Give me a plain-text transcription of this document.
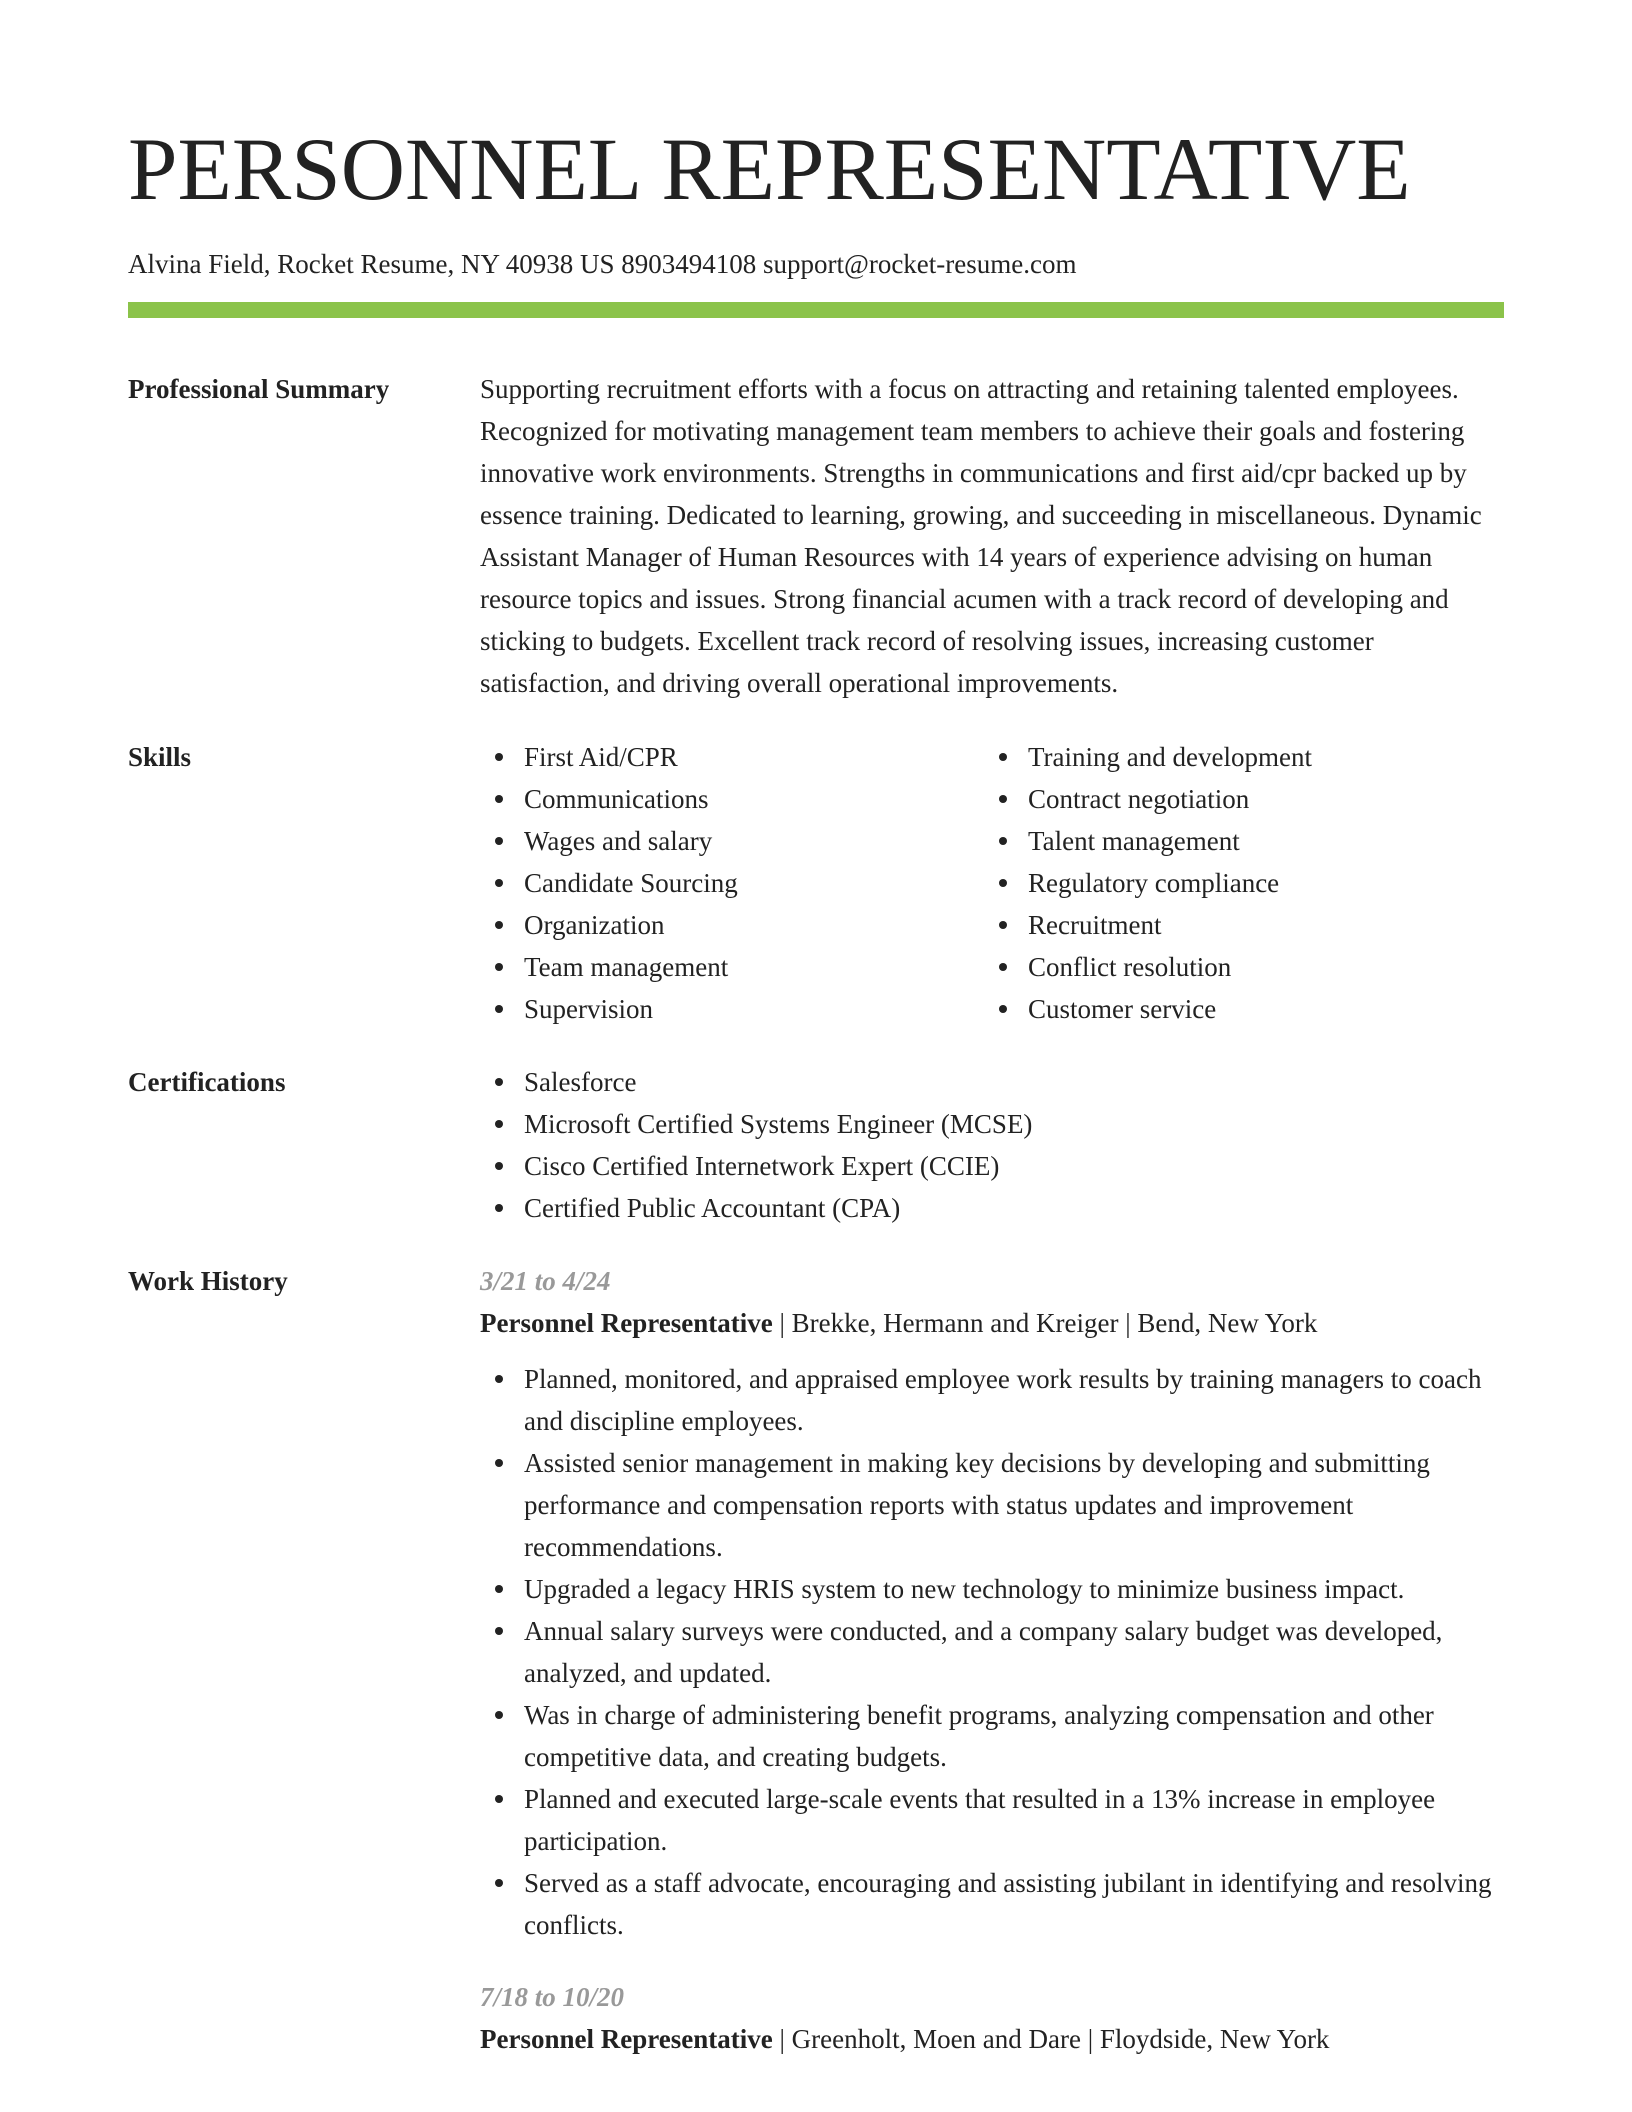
PERSONNEL REPRESENTATIVE
Alvina Field, Rocket Resume, NY 40938 US 8903494108 support@rocket-resume.com
Professional Summary	Supporting recruitment efforts with a focus on attracting and retaining talented employees. Recognized for motivating management team members to achieve their goals and fostering innovative work environments. Strengths in communications and first aid/cpr backed up by essence training. Dedicated to learning, growing, and succeeding in miscellaneous. Dynamic Assistant Manager of Human Resources with 14 years of experience advising on human resource topics and issues. Strong financial acumen with a track record of developing and sticking to budgets. Excellent track record of resolving issues, increasing customer satisfaction, and driving overall operational improvements.
Skills	First Aid/CPR
Communications
Wages and salary
Candidate Sourcing
Organization
Team management
Supervision
Training and development
Contract negotiation
Talent management
Regulatory compliance
Recruitment
Conflict resolution
Customer service
Certifications	Salesforce
Microsoft Certified Systems Engineer (MCSE)
Cisco Certified Internetwork Expert (CCIE)
Certified Public Accountant (CPA)
Work History	3/21 to 4/24
Personnel Representative | Brekke, Hermann and Kreiger | Bend, New York
Planned, monitored, and appraised employee work results by training managers to coach and discipline employees.
Assisted senior management in making key decisions by developing and submitting performance and compensation reports with status updates and improvement recommendations.
Upgraded a legacy HRIS system to new technology to minimize business impact.
Annual salary surveys were conducted, and a company salary budget was developed, analyzed, and updated.
Was in charge of administering benefit programs, analyzing compensation and other competitive data, and creating budgets.
Planned and executed large-scale events that resulted in a 13% increase in employee participation.
Served as a staff advocate, encouraging and assisting jubilant in identifying and resolving conflicts.
7/18 to 10/20
Personnel Representative | Greenholt, Moen and Dare | Floydside, New York
